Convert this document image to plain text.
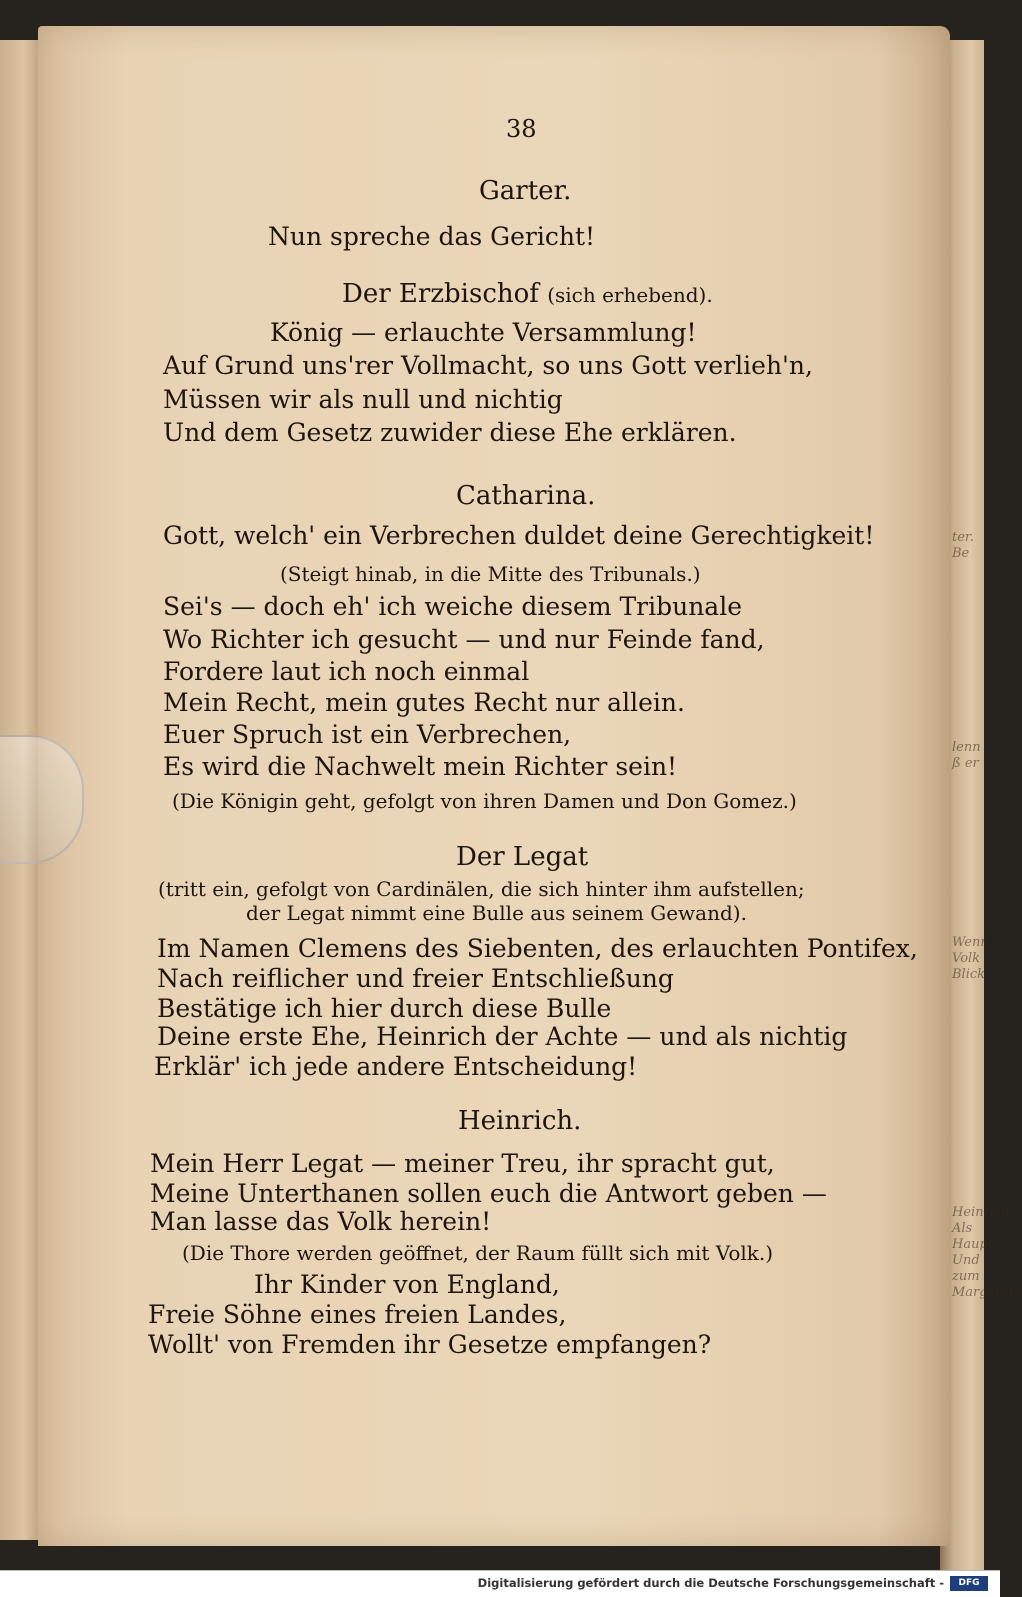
ter.
Be
lenn
ß er
Wenn
Volk
Blick
Heinrich
Als Haupt
Und zum
Margarete
38
Garter.
Nun spreche das Gericht!
Der Erzbischof (sich erhebend).
König — erlauchte Versammlung!
Auf Grund uns'rer Vollmacht, so uns Gott verlieh'n,
Müssen wir als null und nichtig
Und dem Gesetz zuwider diese Ehe erklären.
Catharina.
Gott, welch' ein Verbrechen duldet deine Gerechtigkeit!
(Steigt hinab, in die Mitte des Tribunals.)
Sei's — doch eh' ich weiche diesem Tribunale
Wo Richter ich gesucht — und nur Feinde fand,
Fordere laut ich noch einmal
Mein Recht, mein gutes Recht nur allein.
Euer Spruch ist ein Verbrechen,
Es wird die Nachwelt mein Richter sein!
(Die Königin geht, gefolgt von ihren Damen und Don Gomez.)
Der Legat
(tritt ein, gefolgt von Cardinälen, die sich hinter ihm aufstellen;
der Legat nimmt eine Bulle aus seinem Gewand).
Im Namen Clemens des Siebenten, des erlauchten Pontifex,
Nach reiflicher und freier Entschließung
Bestätige ich hier durch diese Bulle
Deine erste Ehe, Heinrich der Achte — und als nichtig
Erklär' ich jede andere Entscheidung!
Heinrich.
Mein Herr Legat — meiner Treu, ihr spracht gut,
Meine Unterthanen sollen euch die Antwort geben —
Man lasse das Volk herein!
(Die Thore werden geöffnet, der Raum füllt sich mit Volk.)
Ihr Kinder von England,
Freie Söhne eines freien Landes,
Wollt' von Fremden ihr Gesetze empfangen?
Digitalisierung gefördert durch die Deutsche Forschungsgemeinschaft -	DFG
